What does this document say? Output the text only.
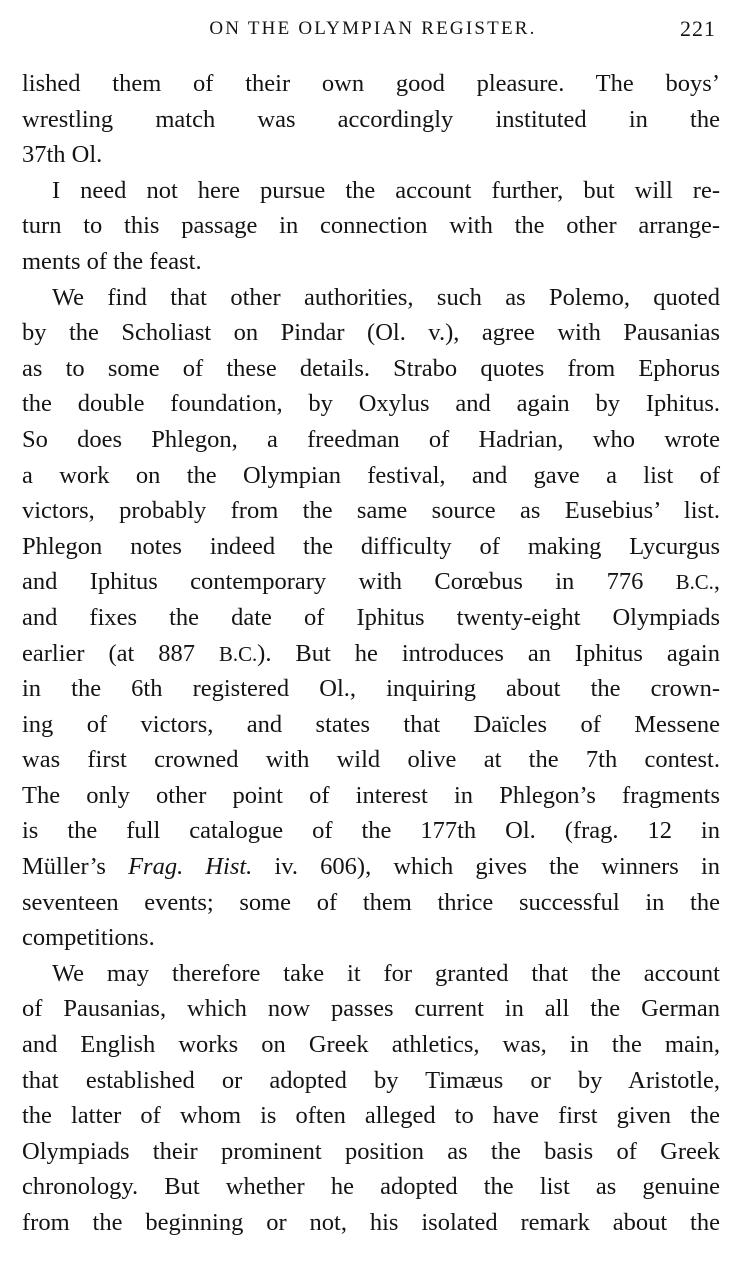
ON THE OLYMPIAN REGISTER.	221
lished them of their own good pleasure. The boys’
wrestling match was accordingly instituted in the
37th Ol.
I need not here pursue the account further, but will re-
turn to this passage in connection with the other arrange-
ments of the feast.
We find that other authorities, such as Polemo, quoted
by the Scholiast on Pindar (Ol. v.), agree with Pausanias
as to some of these details. Strabo quotes from Ephorus
the double foundation, by Oxylus and again by Iphitus.
So does Phlegon, a freedman of Hadrian, who wrote
a work on the Olympian festival, and gave a list of
victors, probably from the same source as Eusebius’ list.
Phlegon notes indeed the difficulty of making Lycurgus
and Iphitus contemporary with Corœbus in 776 B.C.,
and fixes the date of Iphitus twenty-eight Olympiads
earlier (at 887 B.C.). But he introduces an Iphitus again
in the 6th registered Ol., inquiring about the crown-
ing of victors, and states that Daïcles of Messene
was first crowned with wild olive at the 7th contest.
The only other point of interest in Phlegon’s fragments
is the full catalogue of the 177th Ol. (frag. 12 in
Müller’s Frag. Hist. iv. 606), which gives the winners in
seventeen events; some of them thrice successful in the
competitions.
We may therefore take it for granted that the account
of Pausanias, which now passes current in all the German
and English works on Greek athletics, was, in the main,
that established or adopted by Timæus or by Aristotle,
the latter of whom is often alleged to have first given the
Olympiads their prominent position as the basis of Greek
chronology. But whether he adopted the list as genuine
from the beginning or not, his isolated remark about the
